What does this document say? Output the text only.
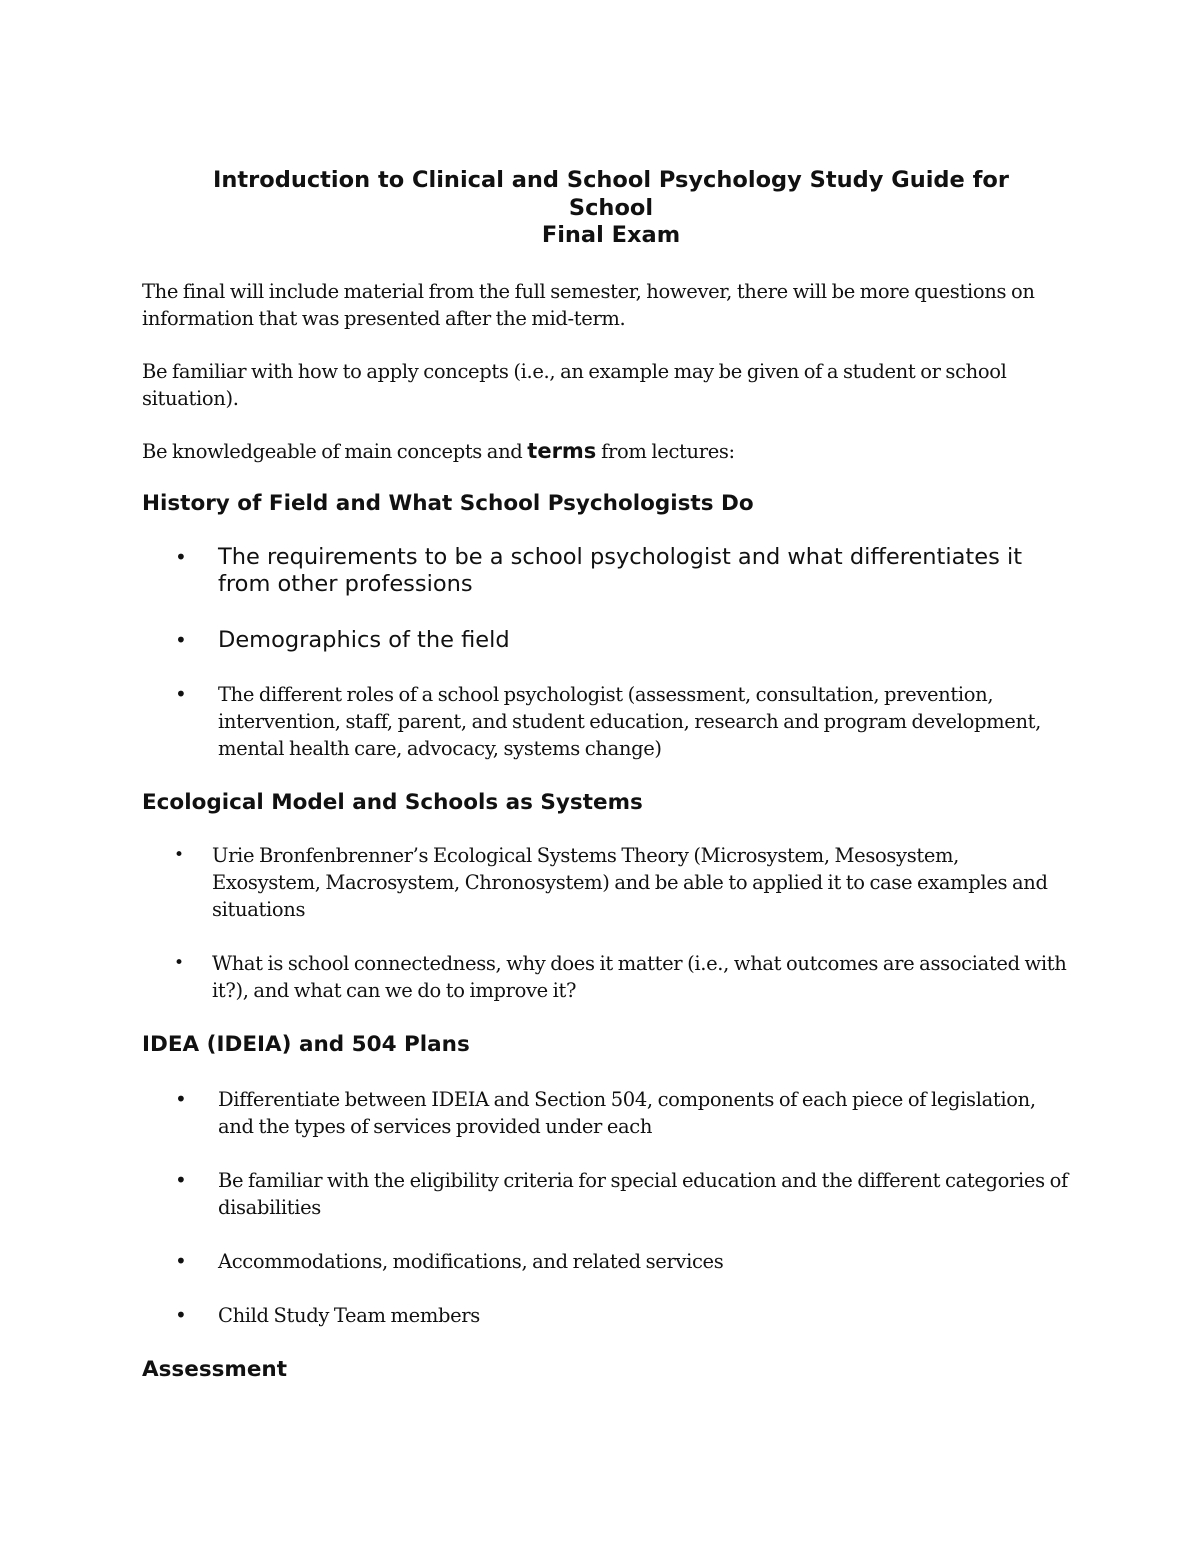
Introduction to Clinical and School Psychology Study Guide for
School
Final Exam

The final will include material from the full semester, however, there will be more questions on information that was presented after the mid-term.

Be familiar with how to apply concepts (i.e., an example may be given of a student or school situation).

Be knowledgeable of main concepts and terms from lectures:

History of Field and What School Psychologists Do
• The requirements to be a school psychologist and what differentiates it from other professions
• Demographics of the field
• The different roles of a school psychologist (assessment, consultation, prevention, intervention, staff, parent, and student education, research and program development, mental health care, advocacy, systems change)
Ecological Model and Schools as Systems
• Urie Bronfenbrenner’s Ecological Systems Theory (Microsystem, Mesosystem, Exosystem, Macrosystem, Chronosystem) and be able to applied it to case examples and situations
• What is school connectedness, why does it matter (i.e., what outcomes are associated with it?), and what can we do to improve it?
IDEA (IDEIA) and 504 Plans
• Differentiate between IDEIA and Section 504, components of each piece of legislation, and the types of services provided under each
• Be familiar with the eligibility criteria for special education and the different categories of disabilities
• Accommodations, modifications, and related services
• Child Study Team members
Assessment
